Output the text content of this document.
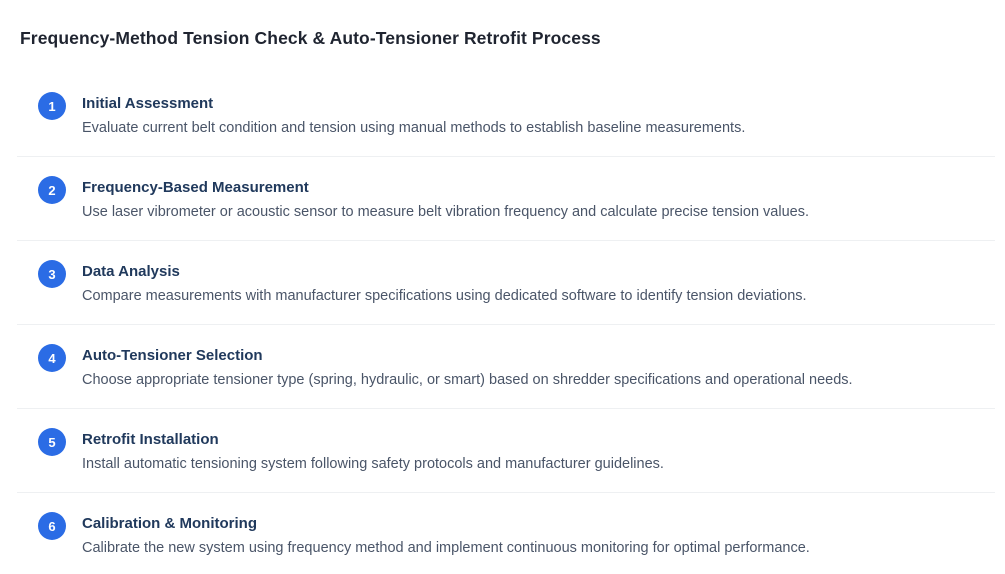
Frequency-Method Tension Check & Auto-Tensioner Retrofit Process
1	Initial Assessment
Evaluate current belt condition and tension using manual methods to establish baseline measurements.
2	Frequency-Based Measurement
Use laser vibrometer or acoustic sensor to measure belt vibration frequency and calculate precise tension values.
3	Data Analysis
Compare measurements with manufacturer specifications using dedicated software to identify tension deviations.
4	Auto-Tensioner Selection
Choose appropriate tensioner type (spring, hydraulic, or smart) based on shredder specifications and operational needs.
5	Retrofit Installation
Install automatic tensioning system following safety protocols and manufacturer guidelines.
6	Calibration & Monitoring
Calibrate the new system using frequency method and implement continuous monitoring for optimal performance.
